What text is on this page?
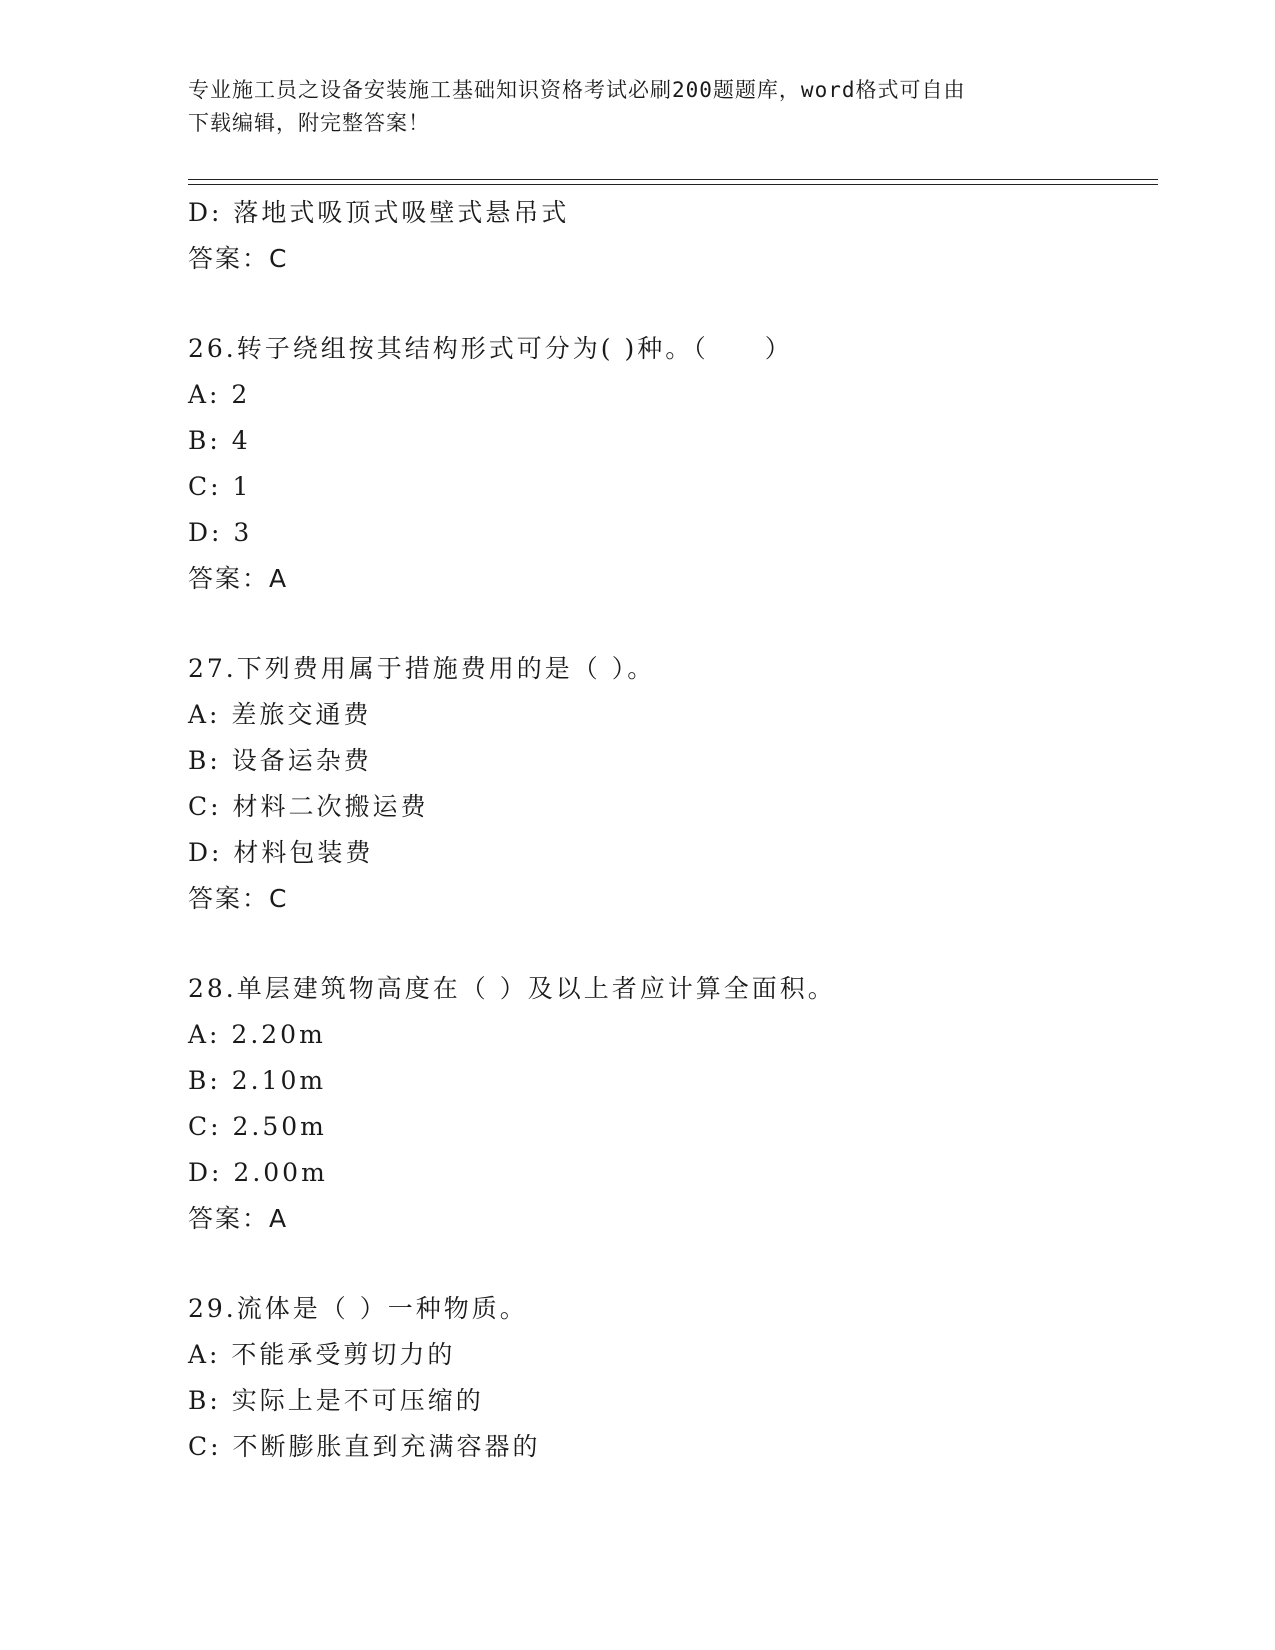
专业施工员之设备安装施工基础知识资格考试必刷200题题库，word格式可自由
下载编辑，附完整答案！
D: 落地式吸顶式吸壁式悬吊式
答案：C
26.转子绕组按其结构形式可分为( )种。（　　）
A: 2
B: 4
C: 1
D: 3
答案：A
27.下列费用属于措施费用的是（ ）。
A: 差旅交通费
B: 设备运杂费
C: 材料二次搬运费
D: 材料包装费
答案：C
28.单层建筑物高度在（ ）及以上者应计算全面积。
A: 2.20m
B: 2.10m
C: 2.50m
D: 2.00m
答案：A
29.流体是（ ）一种物质。
A: 不能承受剪切力的
B: 实际上是不可压缩的
C: 不断膨胀直到充满容器的
